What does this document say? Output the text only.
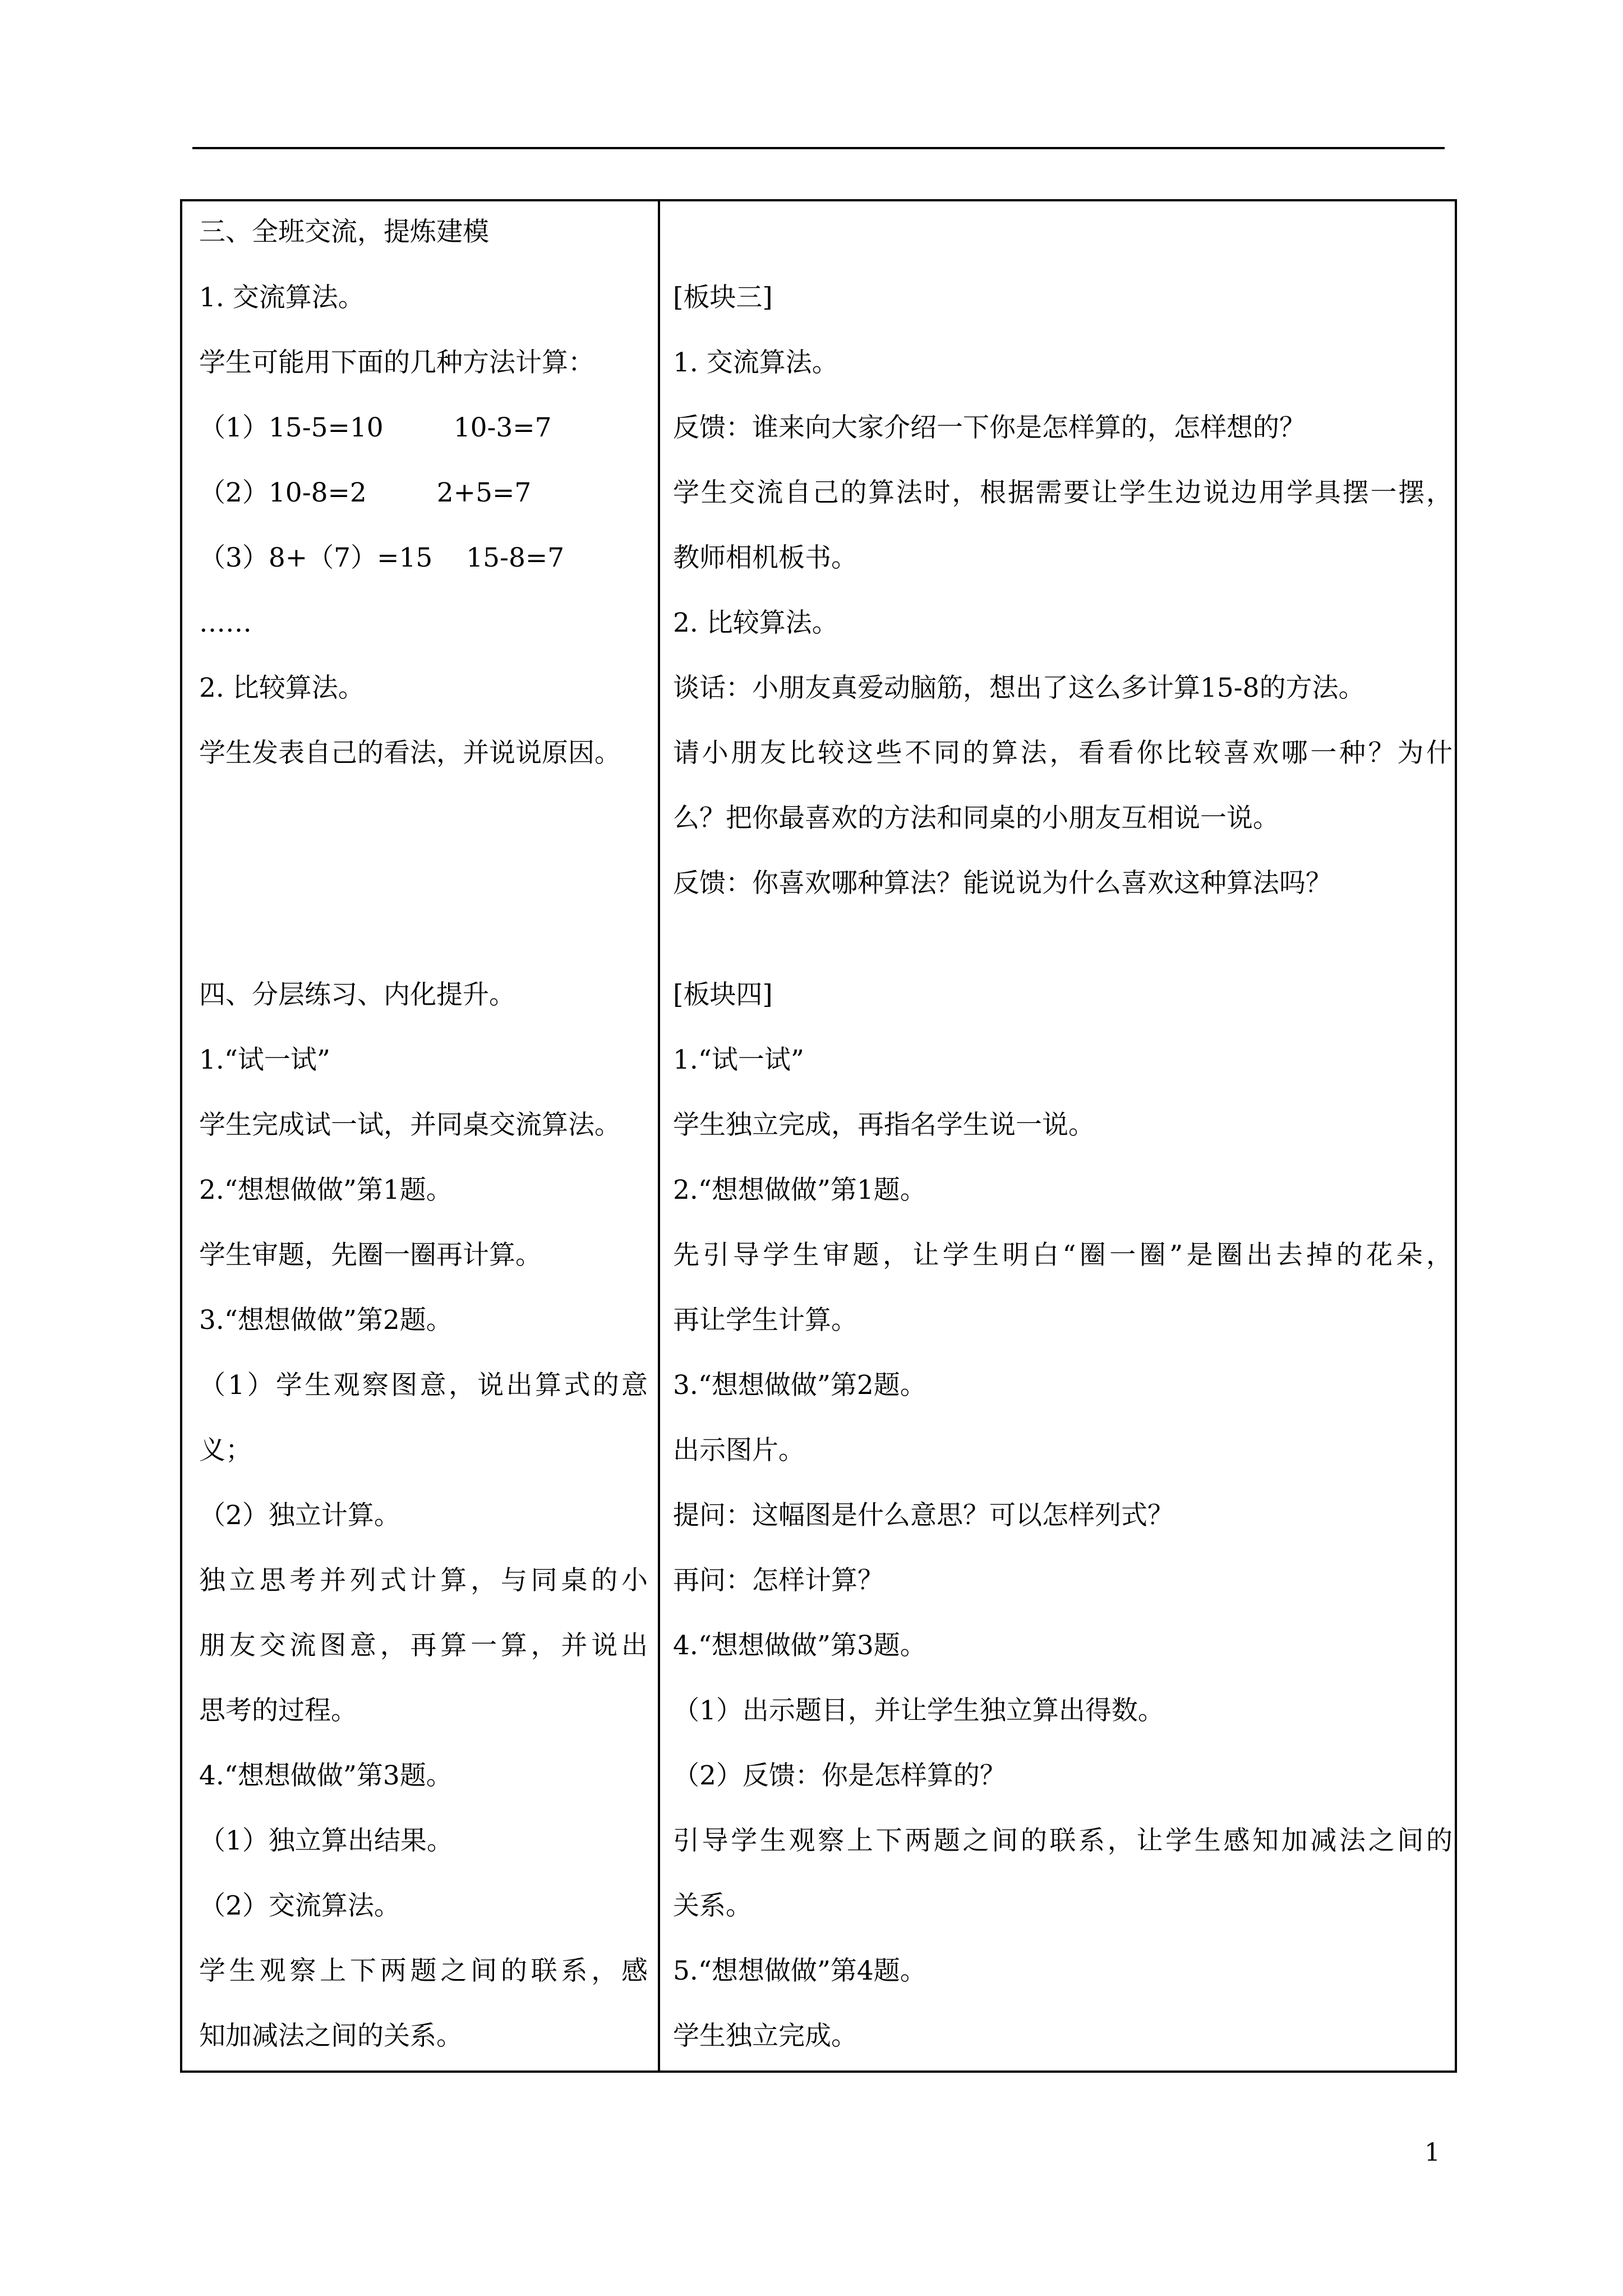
三、全班交流，提炼建模
1. 交流算法。
学生可能用下面的几种方法计算：
（1）15-5=10	10-3=7
（2）10-8=2	2+5=7
（3）8+（7）=15 15-8=7
……
2. 比较算法。
学生发表自己的看法，并说说原因。
四、分层练习、内化提升。
1.“试一试”
学生完成试一试，并同桌交流算法。
2.“想想做做”第1题。
学生审题，先圈一圈再计算。
3.“想想做做”第2题。
（1）学生观察图意，说出算式的意
义；
（2）独立计算。
独立思考并列式计算，与同桌的小
朋友交流图意，再算一算，并说出
思考的过程。
4.“想想做做”第3题。
（1）独立算出结果。
（2）交流算法。
学生观察上下两题之间的联系，感
知加减法之间的关系。
[板块三]
1. 交流算法。
反馈：谁来向大家介绍一下你是怎样算的，怎样想的？
学生交流自己的算法时，根据需要让学生边说边用学具摆一摆，
教师相机板书。
2. 比较算法。
谈话：小朋友真爱动脑筋，想出了这么多计算15-8的方法。
请小朋友比较这些不同的算法，看看你比较喜欢哪一种？为什
么？把你最喜欢的方法和同桌的小朋友互相说一说。
反馈：你喜欢哪种算法？能说说为什么喜欢这种算法吗？
[板块四]
1.“试一试”
学生独立完成，再指名学生说一说。
2.“想想做做”第1题。
先引导学生审题，让学生明白“圈一圈”是圈出去掉的花朵，
再让学生计算。
3.“想想做做”第2题。
出示图片。
提问：这幅图是什么意思？可以怎样列式？
再问：怎样计算？
4.“想想做做”第3题。
（1）出示题目，并让学生独立算出得数。
（2）反馈：你是怎样算的？
引导学生观察上下两题之间的联系，让学生感知加减法之间的
关系。
5.“想想做做”第4题。
学生独立完成。
1
